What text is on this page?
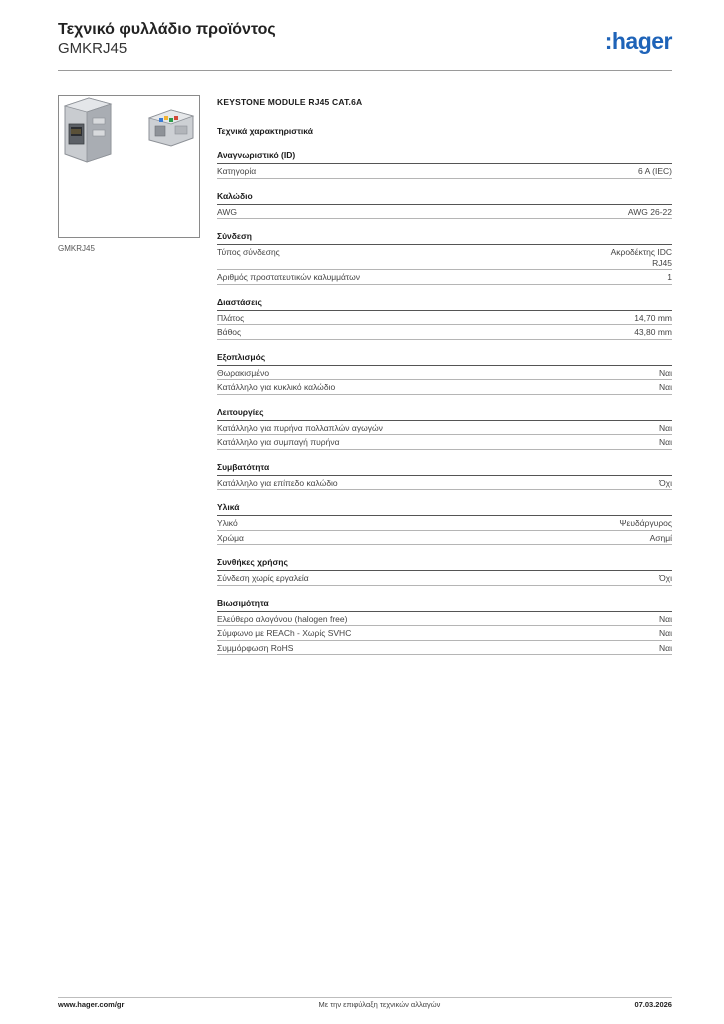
Τεχνικό φυλλάδιο προϊόντος
GMKRJ45	:hager
GMKRJ45
KEYSTONE MODULE RJ45 CAT.6A
Τεχνικά χαρακτηριστικά
Αναγνωριστικό (ID)
Κατηγορία	6 A (IEC)
Καλώδιο
AWG	AWG 26-22
Σύνδεση
Τύπος σύνδεσης	Ακροδέκτης IDC RJ45
Αριθμός προστατευτικών καλυμμάτων	1
Διαστάσεις
Πλάτος	14,70 mm
Βάθος	43,80 mm
Εξοπλισμός
Θωρακισμένο	Ναι
Κατάλληλο για κυκλικό καλώδιο	Ναι
Λειτουργίες
Κατάλληλο για πυρήνα πολλαπλών αγωγών	Ναι
Κατάλληλο για συμπαγή πυρήνα	Ναι
Συμβατότητα
Κατάλληλο για επίπεδο καλώδιο	Όχι
Υλικά
Υλικό	Ψευδάργυρος
Χρώμα	Ασημί
Συνθήκες χρήσης
Σύνδεση χωρίς εργαλεία	Όχι
Βιωσιμότητα
Ελεύθερο αλογόνου (halogen free)	Ναι
Σύμφωνο με REACh - Χωρίς SVHC	Ναι
Συμμόρφωση RoHS	Ναι
www.hager.com/gr	Με την επιφύλαξη τεχνικών αλλαγών	07.03.2026
